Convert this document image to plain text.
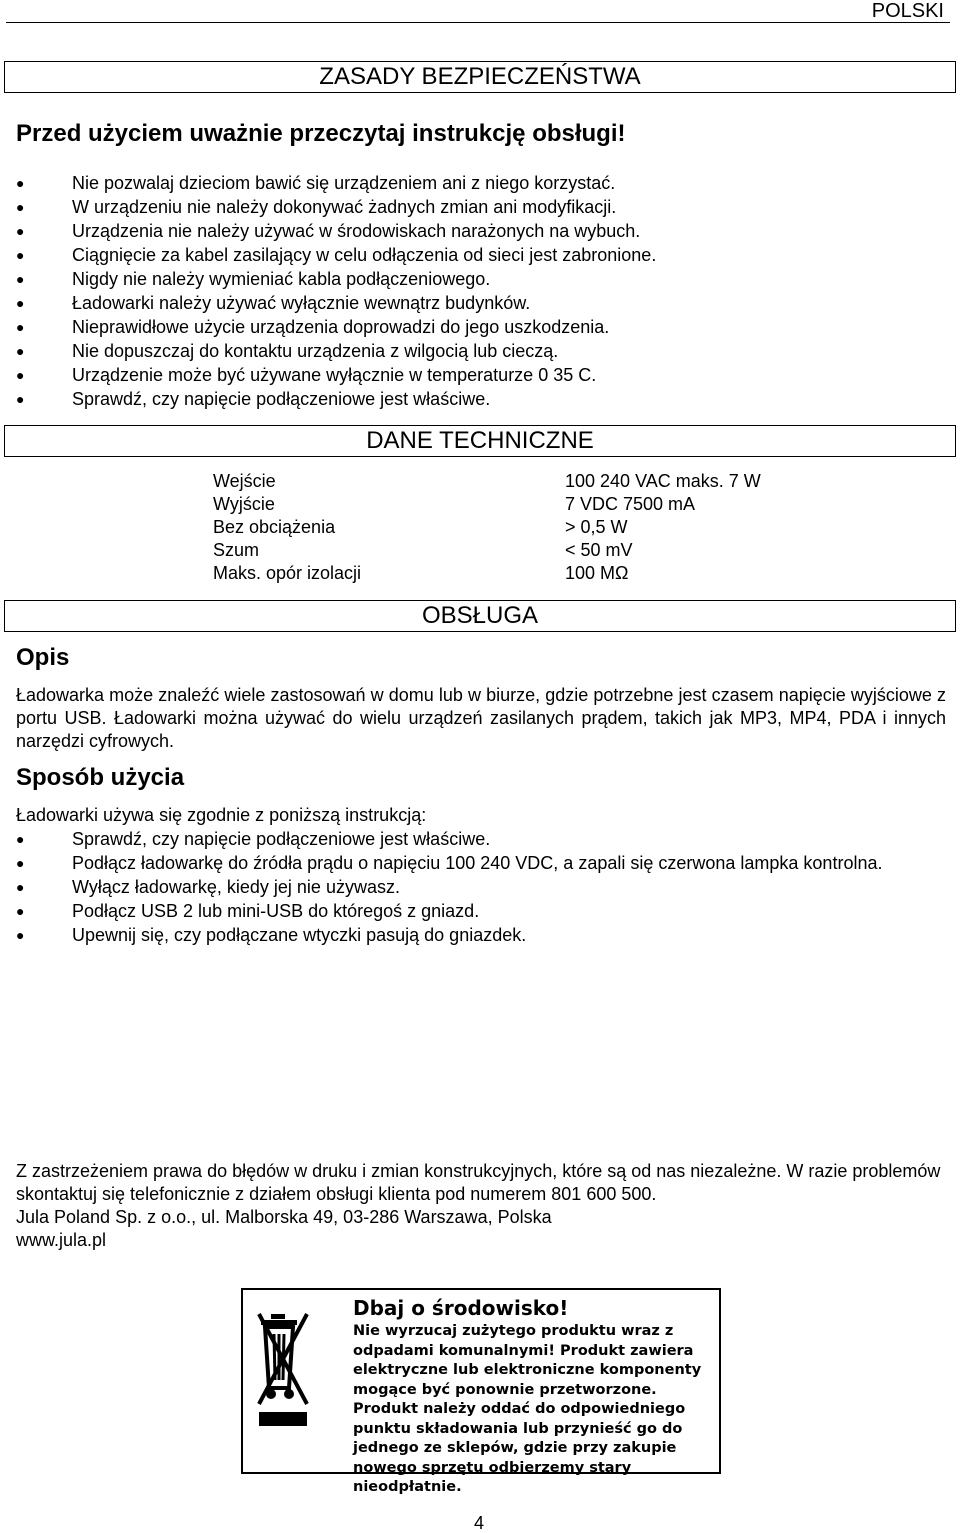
POLSKI
ZASADY BEZPIECZEŃSTWA
Przed użyciem uważnie przeczytaj instrukcję obsługi!
●	Nie pozwalaj dzieciom bawić się urządzeniem ani z niego korzystać.
●	W urządzeniu nie należy dokonywać żadnych zmian ani modyfikacji.
●	Urządzenia nie należy używać w środowiskach narażonych na wybuch.
●	Ciągnięcie za kabel zasilający w celu odłączenia od sieci jest zabronione.
●	Nigdy nie należy wymieniać kabla podłączeniowego.
●	Ładowarki należy używać wyłącznie wewnątrz budynków.
●	Nieprawidłowe użycie urządzenia doprowadzi do jego uszkodzenia.
●	Nie dopuszczaj do kontaktu urządzenia z wilgocią lub cieczą.
●	Urządzenie może być używane wyłącznie w temperaturze 0 35 C.
●	Sprawdź, czy napięcie podłączeniowe jest właściwe.
DANE TECHNICZNE
Wejście	100 240 VAC maks. 7 W
Wyjście	7 VDC 7500 mA
Bez obciążenia	> 0,5 W
Szum	< 50 mV
Maks. opór izolacji	100 MΩ
OBSŁUGA
Opis
Ładowarka może znaleźć wiele zastosowań w domu lub w biurze, gdzie potrzebne jest czasem napięcie wyjściowe z portu USB. Ładowarki można używać do wielu urządzeń zasilanych prądem, takich jak MP3, MP4, PDA i innych narzędzi cyfrowych.
Sposób użycia
Ładowarki używa się zgodnie z poniższą instrukcją:
●	Sprawdź, czy napięcie podłączeniowe jest właściwe.
●	Podłącz ładowarkę do źródła prądu o napięciu 100 240 VDC, a zapali się czerwona lampka kontrolna.
●	Wyłącz ładowarkę, kiedy jej nie używasz.
●	Podłącz USB 2 lub mini-USB do któregoś z gniazd.
●	Upewnij się, czy podłączane wtyczki pasują do gniazdek.
Z zastrzeżeniem prawa do błędów w druku i zmian konstrukcyjnych, które są od nas niezależne. W razie problemów skontaktuj się telefonicznie z działem obsługi klienta pod numerem 801 600 500.
Jula Poland Sp. z o.o., ul. Malborska 49, 03-286 Warszawa, Polska
www.jula.pl
Dbaj o środowisko!
Nie wyrzucaj zużytego produktu wraz z odpadami komunalnymi! Produkt zawiera elektryczne lub elektroniczne komponenty mogące być ponownie przetworzone. Produkt należy oddać do odpowiedniego punktu składowania lub przynieść go do jednego ze sklepów, gdzie przy zakupie nowego sprzętu odbierzemy stary nieodpłatnie.
4
